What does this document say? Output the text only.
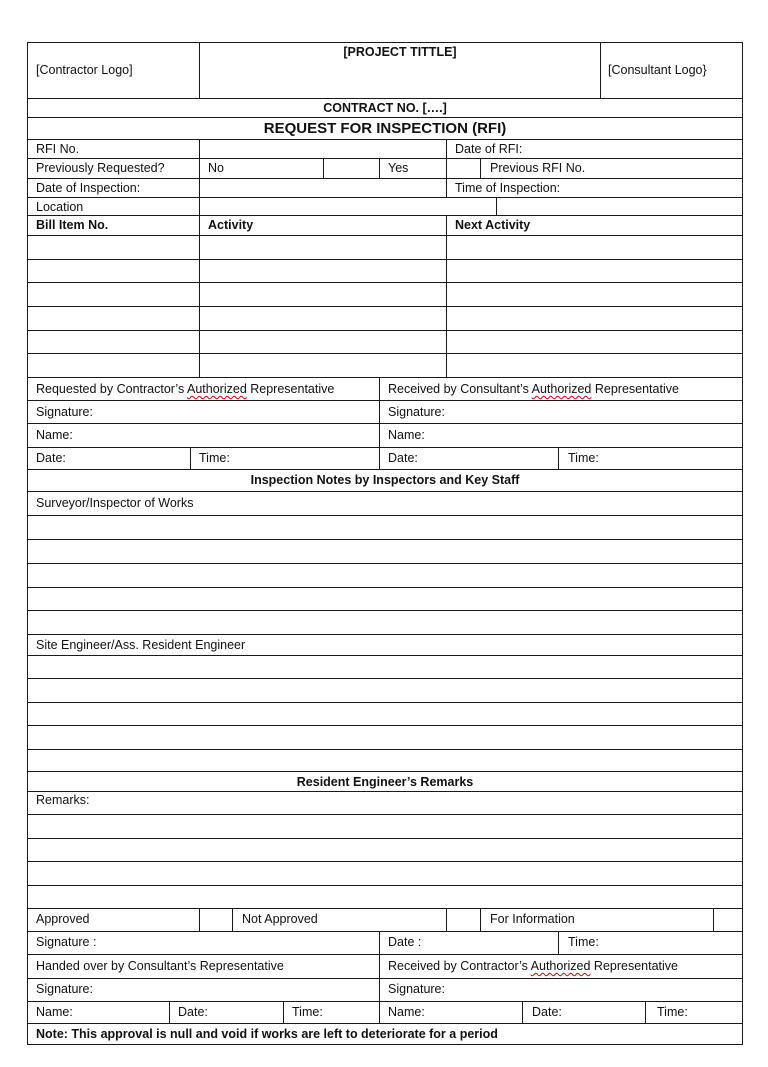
[Contractor Logo]
[PROJECT TITTLE]
[Consultant Logo}
CONTRACT NO. [….]
REQUEST FOR INSPECTION (RFI)
RFI No.	Date of RFI:
Previously Requested?	No	Yes	Previous RFI No.
Date of Inspection:	Time of Inspection:
Location
Bill Item No.	Activity	Next Activity
Requested by Contractor’s Authorized Representative	Received by Consultant’s Authorized Representative
Signature:	Signature:
Name:	Name:
Date:	Time:	Date:	Time:
Inspection Notes by Inspectors and Key Staff
Surveyor/Inspector of Works
Site Engineer/Ass. Resident Engineer
Resident Engineer’s Remarks
Remarks:
Approved	Not Approved	For Information
Signature :	Date :	Time:
Handed over by Consultant’s Representative	Received by Contractor’s Authorized Representative
Signature:	Signature:
Name:	Date:	Time:	Name:	Date:	Time:
Note: This approval is null and void if works are left to deteriorate for a period
